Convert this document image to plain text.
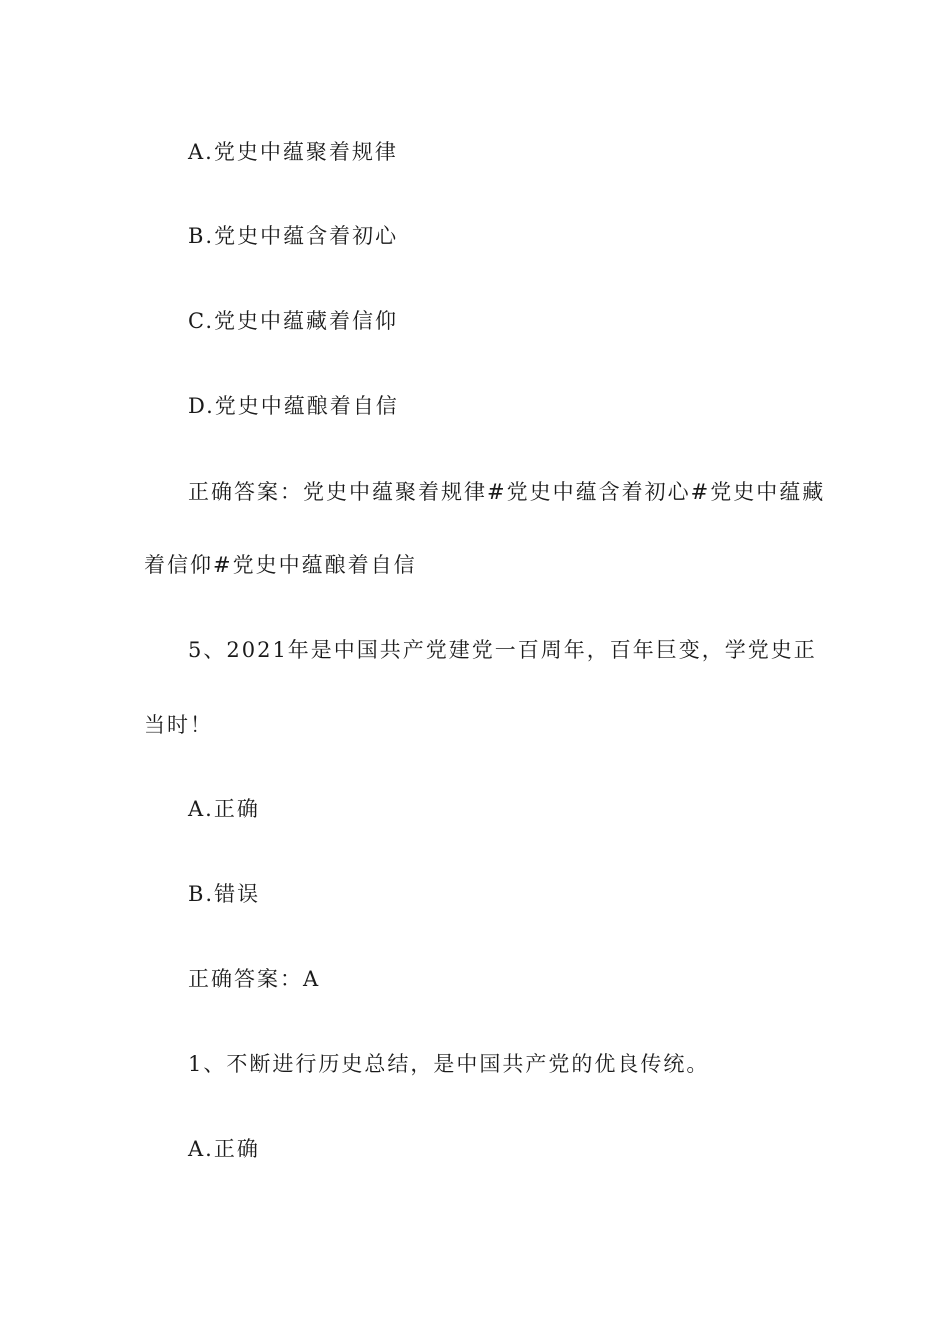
A.党史中蕴聚着规律
B.党史中蕴含着初心
C.党史中蕴藏着信仰
D.党史中蕴酿着自信
正确答案：党史中蕴聚着规律#党史中蕴含着初心#党史中蕴藏
着信仰#党史中蕴酿着自信
5、2021年是中国共产党建党一百周年，百年巨变，学党史正
当时！
A.正确
B.错误
正确答案：A
1、不断进行历史总结，是中国共产党的优良传统。
A.正确
